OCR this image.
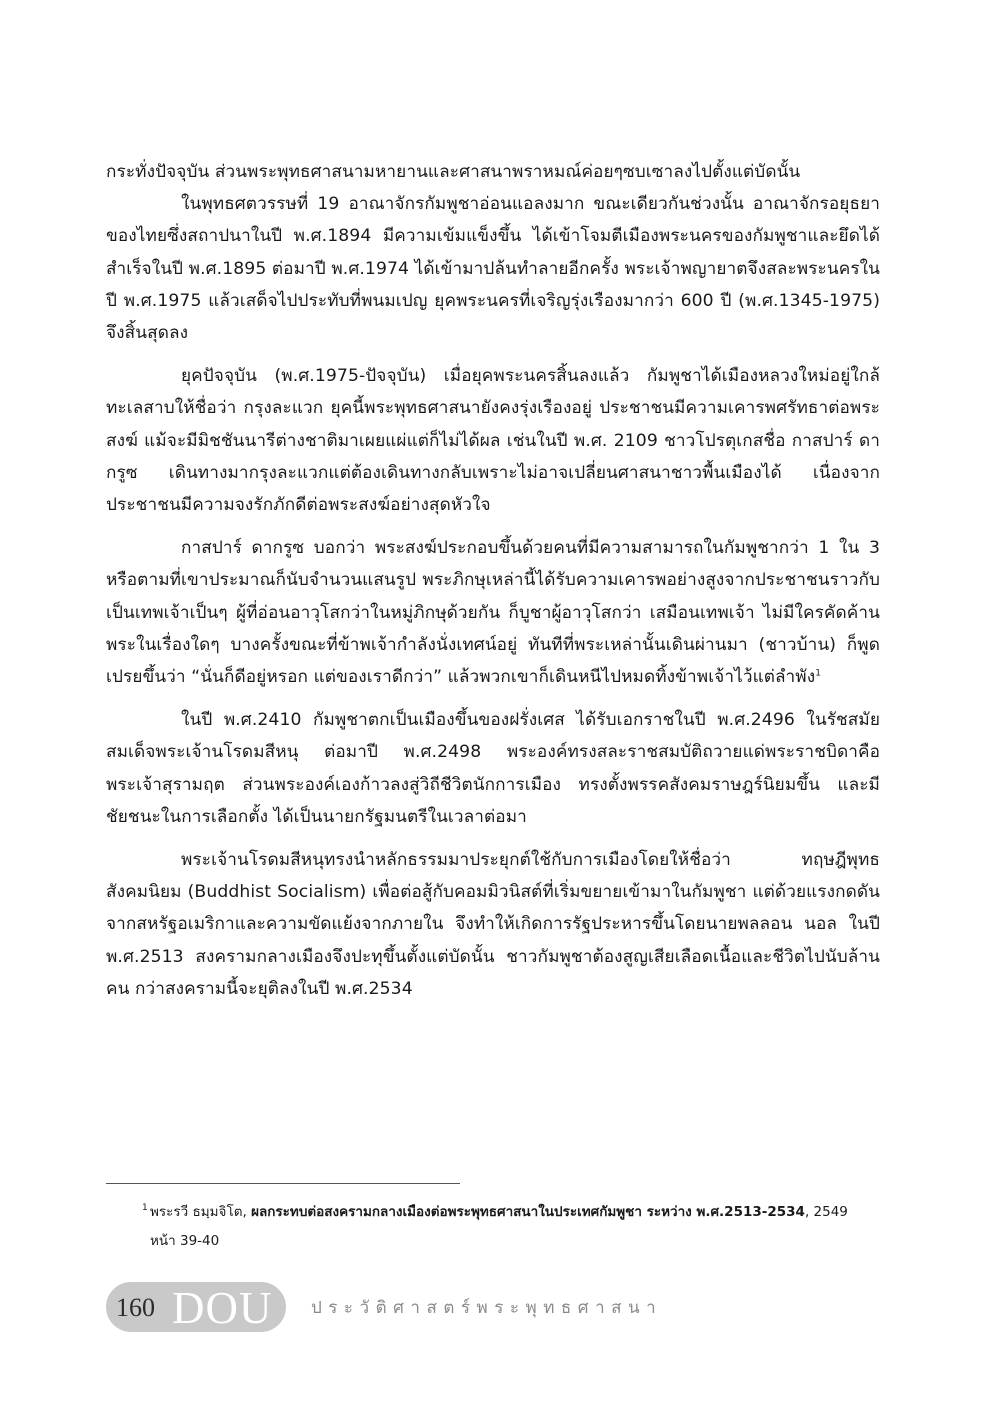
กระทั่งปัจจุบัน ส่วนพระพุทธศาสนามหายานและศาสนาพราหมณ์ค่อยๆซบเซาลงไปตั้งแต่บัดนั้น

ในพุทธศตวรรษที่ 19 อาณาจักรกัมพูชาอ่อนแอลงมาก ขณะเดียวกันช่วงนั้น อาณาจักรอยุธยาของไทยซึ่งสถาปนาในปี พ.ศ.1894 มีความเข้มแข็งขึ้น ได้เข้าโจมตีเมืองพระนครของกัมพูชาและยึดได้สำเร็จในปี พ.ศ.1895 ต่อมาปี พ.ศ.1974 ได้เข้ามาปล้นทำลายอีกครั้ง พระเจ้าพญายาตจึงสละพระนครในปี พ.ศ.1975 แล้วเสด็จไปประทับที่พนมเปญ ยุคพระนครที่เจริญรุ่งเรืองมากว่า 600 ปี (พ.ศ.1345-1975) จึงสิ้นสุดลง

ยุคปัจจุบัน (พ.ศ.1975-ปัจจุบัน) เมื่อยุคพระนครสิ้นลงแล้ว กัมพูชาได้เมืองหลวงใหม่อยู่ใกล้ทะเลสาบให้ชื่อว่า กรุงละแวก ยุคนี้พระพุทธศาสนายังคงรุ่งเรืองอยู่ ประชาชนมีความเคารพศรัทธาต่อพระสงฆ์ แม้จะมีมิชชันนารีต่างชาติมาเผยแผ่แต่ก็ไม่ได้ผล เช่นในปี พ.ศ. 2109 ชาวโปรตุเกสชื่อ กาสปาร์ ดากรูซ เดินทางมากรุงละแวกแต่ต้องเดินทางกลับเพราะไม่อาจเปลี่ยนศาสนาชาวพื้นเมืองได้ เนื่องจากประชาชนมีความจงรักภักดีต่อพระสงฆ์อย่างสุดหัวใจ

กาสปาร์ ดากรูซ บอกว่า พระสงฆ์ประกอบขึ้นด้วยคนที่มีความสามารถในกัมพูชากว่า 1 ใน 3 หรือตามที่เขาประมาณก็นับจำนวนแสนรูป พระภิกษุเหล่านี้ได้รับความเคารพอย่างสูงจากประชาชนราวกับเป็นเทพเจ้าเป็นๆ ผู้ที่อ่อนอาวุโสกว่าในหมู่ภิกษุด้วยกัน ก็บูชาผู้อาวุโสกว่า เสมือนเทพเจ้า ไม่มีใครคัดค้านพระในเรื่องใดๆ บางครั้งขณะที่ข้าพเจ้ากำลังนั่งเทศน์อยู่ ทันทีที่พระเหล่านั้นเดินผ่านมา (ชาวบ้าน) ก็พูดเปรยขึ้นว่า “นั่นก็ดีอยู่หรอก แต่ของเราดีกว่า” แล้วพวกเขาก็เดินหนีไปหมดทิ้งข้าพเจ้าไว้แต่ลำพัง$^1$

ในปี พ.ศ.2410 กัมพูชาตกเป็นเมืองขึ้นของฝรั่งเศส ได้รับเอกราชในปี พ.ศ.2496 ในรัชสมัยสมเด็จพระเจ้านโรดมสีหนุ ต่อมาปี พ.ศ.2498 พระองค์ทรงสละราชสมบัติถวายแด่พระราชบิดาคือ พระเจ้าสุรามฤต ส่วนพระองค์เองก้าวลงสู่วิถีชีวิตนักการเมือง ทรงตั้งพรรคสังคมราษฎร์นิยมขึ้น และมีชัยชนะในการเลือกตั้ง ได้เป็นนายกรัฐมนตรีในเวลาต่อมา

พระเจ้านโรดมสีหนุทรงนำหลักธรรมมาประยุกต์ใช้กับการเมืองโดยให้ชื่อว่า ทฤษฎีพุทธสังคมนิยม (Buddhist Socialism) เพื่อต่อสู้กับคอมมิวนิสต์ที่เริ่มขยายเข้ามาในกัมพูชา แต่ด้วยแรงกดดันจากสหรัฐอเมริกาและความขัดแย้งจากภายใน จึงทำให้เกิดการรัฐประหารขึ้นโดยนายพลลอน นอล ในปี พ.ศ.2513 สงครามกลางเมืองจึงปะทุขึ้นตั้งแต่บัดนั้น ชาวกัมพูชาต้องสูญเสียเลือดเนื้อและชีวิตไปนับล้านคน กว่าสงครามนี้จะยุติลงในปี พ.ศ.2534

1 พระรวี ธมฺมจิโต, ผลกระทบต่อสงครามกลางเมืองต่อพระพุทธศาสนาในประเทศกัมพูชา ระหว่าง พ.ศ.2513-2534, 2549 หน้า 39-40
160 DOU ประวัติศาสตร์พระพุทธศาสนา
